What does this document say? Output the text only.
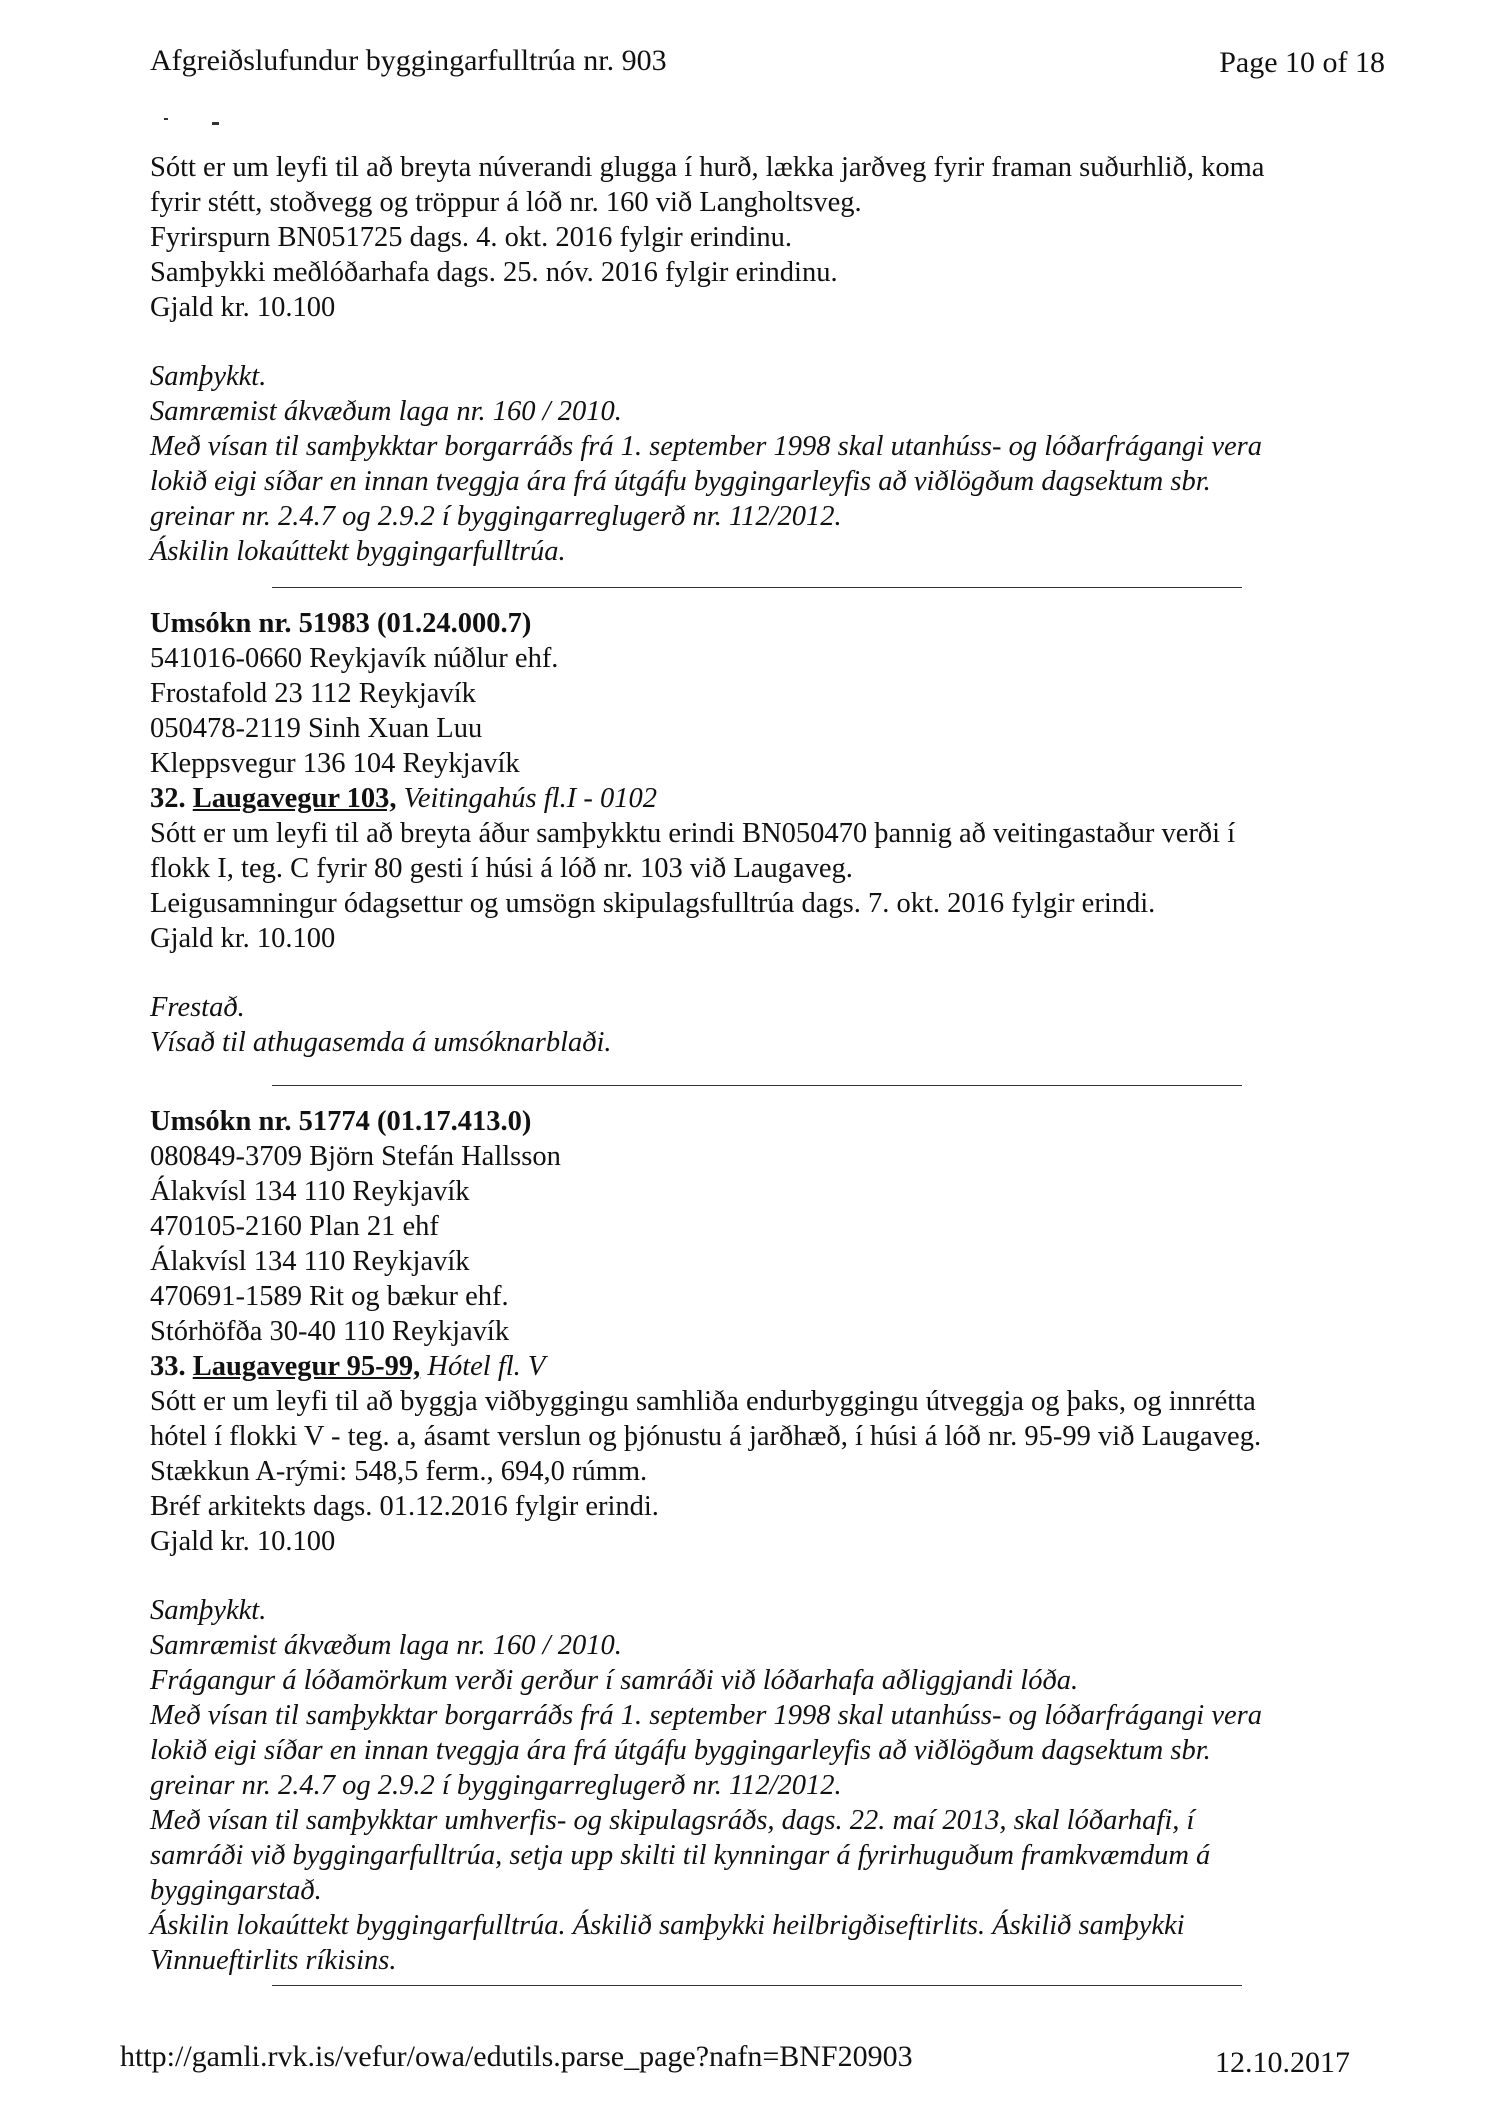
Afgreiðslufundur byggingarfulltrúa nr. 903	Page 10 of 18
Sótt er um leyfi til að breyta núverandi glugga í hurð, lækka jarðveg fyrir framan suðurhlið, koma
fyrir stétt, stoðvegg og tröppur á lóð nr. 160 við Langholtsveg.
Fyrirspurn BN051725 dags. 4. okt. 2016 fylgir erindinu.
Samþykki meðlóðarhafa dags. 25. nóv. 2016 fylgir erindinu.
Gjald kr. 10.100
Samþykkt.
Samræmist ákvæðum laga nr. 160 / 2010.
Með vísan til samþykktar borgarráðs frá 1. september 1998 skal utanhúss- og lóðarfrágangi vera
lokið eigi síðar en innan tveggja ára frá útgáfu byggingarleyfis að viðlögðum dagsektum sbr.
greinar nr. 2.4.7 og 2.9.2 í byggingarreglugerð nr. 112/2012.
Áskilin lokaúttekt byggingarfulltrúa.
Umsókn nr. 51983 (01.24.000.7)
541016-0660 Reykjavík núðlur ehf.
Frostafold 23 112 Reykjavík
050478-2119 Sinh Xuan Luu
Kleppsvegur 136 104 Reykjavík
32. Laugavegur 103, Veitingahús fl.I - 0102
Sótt er um leyfi til að breyta áður samþykktu erindi BN050470 þannig að veitingastaður verði í
flokk I, teg. C fyrir 80 gesti í húsi á lóð nr. 103 við Laugaveg.
Leigusamningur ódagsettur og umsögn skipulagsfulltrúa dags. 7. okt. 2016 fylgir erindi.
Gjald kr. 10.100
Frestað.
Vísað til athugasemda á umsóknarblaði.
Umsókn nr. 51774 (01.17.413.0)
080849-3709 Björn Stefán Hallsson
Álakvísl 134 110 Reykjavík
470105-2160 Plan 21 ehf
Álakvísl 134 110 Reykjavík
470691-1589 Rit og bækur ehf.
Stórhöfða 30-40 110 Reykjavík
33. Laugavegur 95-99, Hótel fl. V
Sótt er um leyfi til að byggja viðbyggingu samhliða endurbyggingu útveggja og þaks, og innrétta
hótel í flokki V - teg. a, ásamt verslun og þjónustu á jarðhæð, í húsi á lóð nr. 95-99 við Laugaveg.
Stækkun A-rými: 548,5 ferm., 694,0 rúmm.
Bréf arkitekts dags. 01.12.2016 fylgir erindi.
Gjald kr. 10.100
Samþykkt.
Samræmist ákvæðum laga nr. 160 / 2010.
Frágangur á lóðamörkum verði gerður í samráði við lóðarhafa aðliggjandi lóða.
Með vísan til samþykktar borgarráðs frá 1. september 1998 skal utanhúss- og lóðarfrágangi vera
lokið eigi síðar en innan tveggja ára frá útgáfu byggingarleyfis að viðlögðum dagsektum sbr.
greinar nr. 2.4.7 og 2.9.2 í byggingarreglugerð nr. 112/2012.
Með vísan til samþykktar umhverfis- og skipulagsráðs, dags. 22. maí 2013, skal lóðarhafi, í
samráði við byggingarfulltrúa, setja upp skilti til kynningar á fyrirhuguðum framkvæmdum á
byggingarstað.
Áskilin lokaúttekt byggingarfulltrúa. Áskilið samþykki heilbrigðiseftirlits. Áskilið samþykki
Vinnueftirlits ríkisins.
http://gamli.rvk.is/vefur/owa/edutils.parse_page?nafn=BNF20903	12.10.2017
